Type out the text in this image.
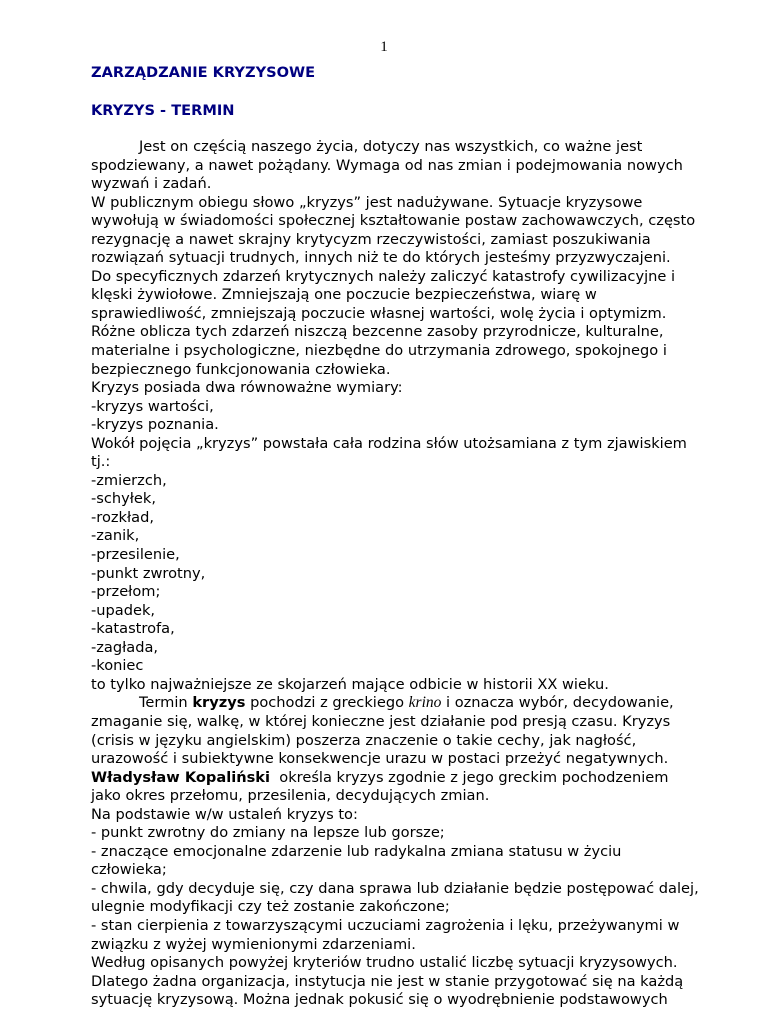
1
ZARZĄDZANIE KRYZYSOWE
KRYZYS - TERMIN

Jest on częścią naszego życia, dotyczy nas wszystkich, co ważne jest spodziewany, a nawet pożądany. Wymaga od nas zmian i podejmowania nowych wyzwań i zadań.

W publicznym obiegu słowo „kryzys” jest nadużywane. Sytuacje kryzysowe wywołują w świadomości społecznej kształtowanie postaw zachowawczych, często rezygnację a nawet skrajny krytycyzm rzeczywistości, zamiast poszukiwania rozwiązań sytuacji trudnych, innych niż te do których jesteśmy przyzwyczajeni.

Do specyficznych zdarzeń krytycznych należy zaliczyć katastrofy cywilizacyjne i klęski żywiołowe. Zmniejszają one poczucie bezpieczeństwa, wiarę w sprawiedliwość, zmniejszają poczucie własnej wartości, wolę życia i optymizm. Różne oblicza tych zdarzeń niszczą bezcenne zasoby przyrodnicze, kulturalne, materialne i psychologiczne, niezbędne do utrzymania zdrowego, spokojnego i bezpiecznego funkcjonowania człowieka.

Kryzys posiada dwa równoważne wymiary:

-kryzys wartości,

-kryzys poznania.

Wokół pojęcia „kryzys” powstała cała rodzina słów utożsamiana z tym zjawiskiem tj.:

-zmierzch,

-schyłek,

-rozkład,

-zanik,

-przesilenie,

-punkt zwrotny,

-przełom;

-upadek,

-katastrofa,

-zagłada,

-koniec

to tylko najważniejsze ze skojarzeń mające odbicie w historii XX wieku.

Termin kryzys pochodzi z greckiego krino i oznacza wybór, decydowanie, zmaganie się, walkę, w której konieczne jest działanie pod presją czasu. Kryzys (crisis w języku angielskim) poszerza znaczenie o takie cechy, jak nagłość, urazowość i subiektywne konsekwencje urazu w postaci przeżyć negatywnych.

Władysław Kopaliński  określa kryzys zgodnie z jego greckim pochodzeniem jako okres przełomu, przesilenia, decydujących zmian.

Na podstawie w/w ustaleń kryzys to:

- punkt zwrotny do zmiany na lepsze lub gorsze;

- znaczące emocjonalne zdarzenie lub radykalna zmiana statusu w życiu człowieka;

- chwila, gdy decyduje się, czy dana sprawa lub działanie będzie postępować dalej, ulegnie modyfikacji czy też zostanie zakończone;

- stan cierpienia z towarzyszącymi uczuciami zagrożenia i lęku, przeżywanymi w związku z wyżej wymienionymi zdarzeniami.

Według opisanych powyżej kryteriów trudno ustalić liczbę sytuacji kryzysowych. Dlatego żadna organizacja, instytucja nie jest w stanie przygotować się na każdą sytuację kryzysową. Można jednak pokusić się o wyodrębnienie podstawowych
